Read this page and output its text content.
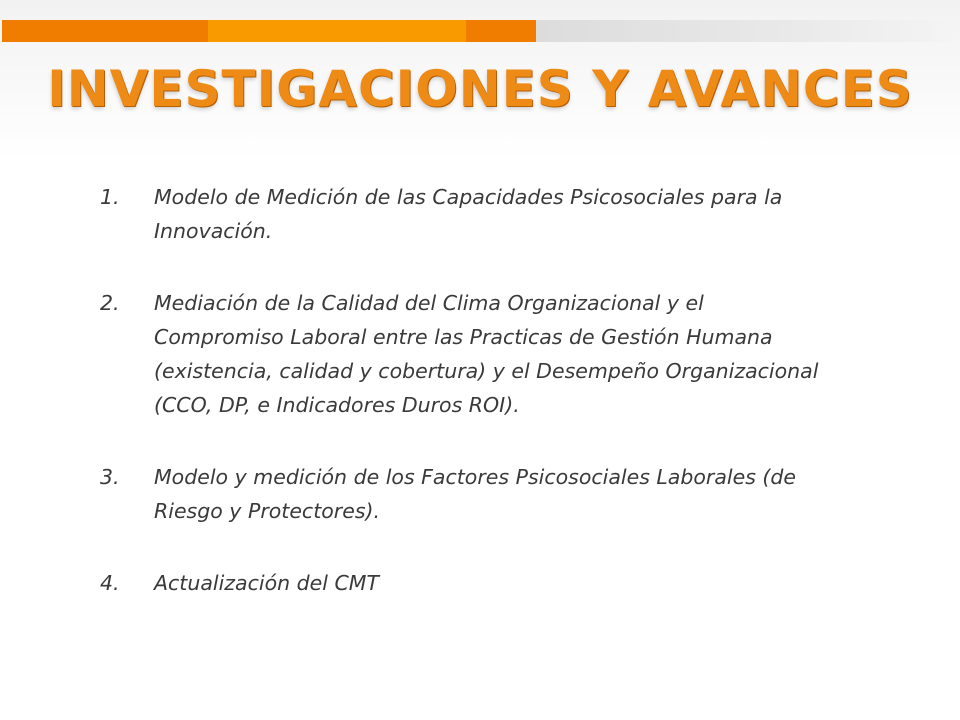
INVESTIGACIONES Y AVANCES
1.	Modelo de Medición de las Capacidades Psicosociales para la Innovación.
2.	Mediación de la Calidad del Clima Organizacional y el Compromiso Laboral entre las Practicas de Gestión Humana (existencia, calidad y cobertura) y el Desempeño Organizacional (CCO, DP, e Indicadores Duros ROI).
3.	Modelo y medición de los Factores Psicosociales Laborales (de Riesgo y Protectores).
4.	Actualización del CMT
